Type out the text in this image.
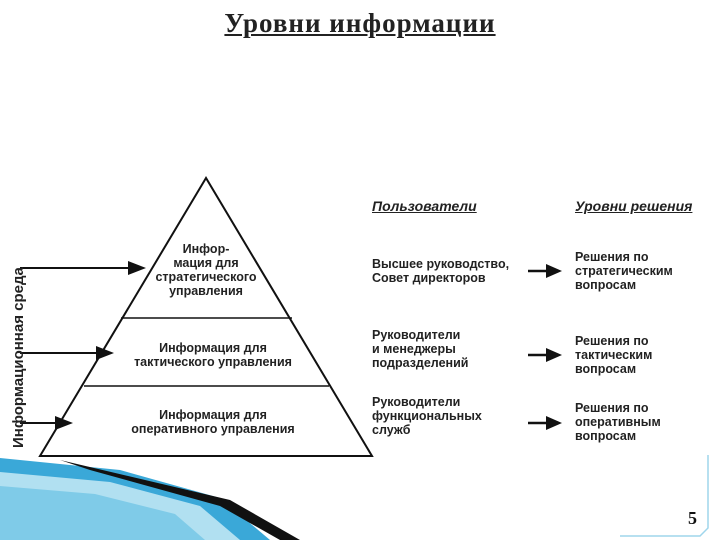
Уровни информации
Инфор-
мация для
стратегического
управления
Информация для
тактического управления
Информация для
оперативного управления
Пользователи	Уровни решения
Высшее руководство,
Совет директоров
Руководители
и менеджеры
подразделений
Руководители
функциональных
служб
Решения по
стратегическим
вопросам
Решения по
тактическим
вопросам
Решения по
оперативным
вопросам
Информационная среда
5
